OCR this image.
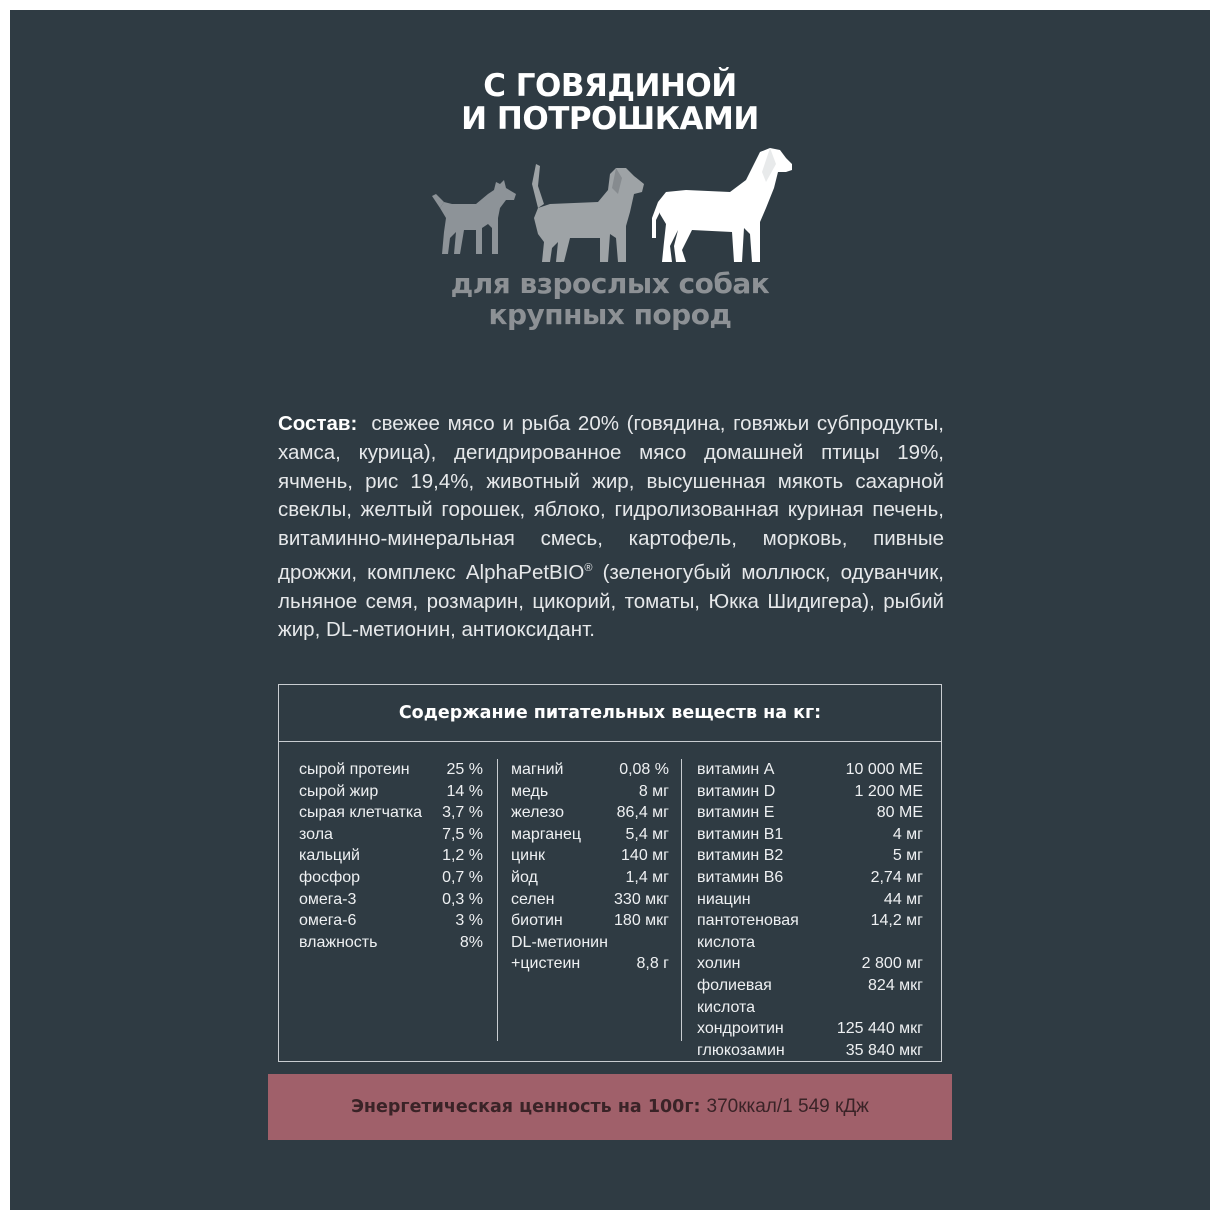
С ГОВЯДИНОЙ
И ПОТРОШКАМИ
для взрослых собак
крупных пород
Состав: свежее мясо и рыба 20% (говядина, говяжьи субпродукты, хамса, курица), дегидрированное мясо домашней птицы 19%, ячмень, рис 19,4%, животный жир, высушенная мякоть сахарной свеклы, желтый горошек, яблоко, гидролизованная куриная печень, витаминно-минеральная смесь, картофель, морковь, пивные дрожжи, комплекс AlphaPetBIO® (зеленогубый моллюск, одуванчик, льняное семя, розмарин, цикорий, томаты, Юкка Шидигера), рыбий жир, DL-метионин, антиоксидант.
Содержание питательных веществ на кг:
сырой протеин 25 %
сырой жир	14 %
сырая клетчатка 3,7 %
зола	7,5 %
кальций	1,2 %
фосфор	0,7 %
омега-3	0,3 %
омега-6	3 %
влажность	8%
магний	0,08 %
медь	8 мг
железо	86,4 мг
марганец	5,4 мг
цинк	140 мг
йод	1,4 мг
селен	330 мкг
биотин	180 мкг
DL-метионин
+цистеин	8,8 г
витамин А	10 000 МЕ
витамин D	1 200 МЕ
витамин Е	80 МЕ
витамин В1	4 мг
витамин В2	5 мг
витамин В6	2,74 мг
ниацин	44 мг
пантотеновая	14,2 мг
кислота
холин	2 800 мг
фолиевая	824 мкг
кислота
хондроитин	125 440 мкг
глюкозамин	35 840 мкг
Энергетическая ценность на 100г: 370ккал/1 549 кДж
